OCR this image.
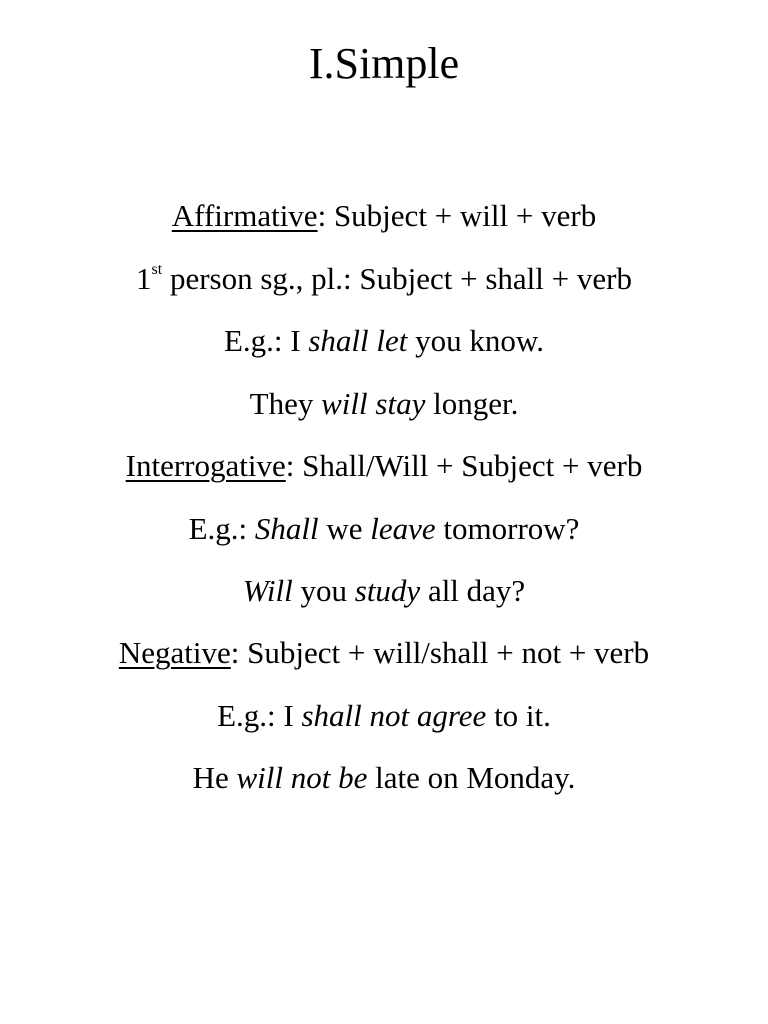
I.Simple
Affirmative: Subject + will + verb
1st person sg., pl.: Subject + shall + verb
E.g.: I shall let you know.
They will stay longer.
Interrogative: Shall/Will + Subject + verb
E.g.: Shall we leave tomorrow?
Will you study all day?
Negative: Subject + will/shall + not + verb
E.g.: I shall not agree to it.
He will not be late on Monday.
